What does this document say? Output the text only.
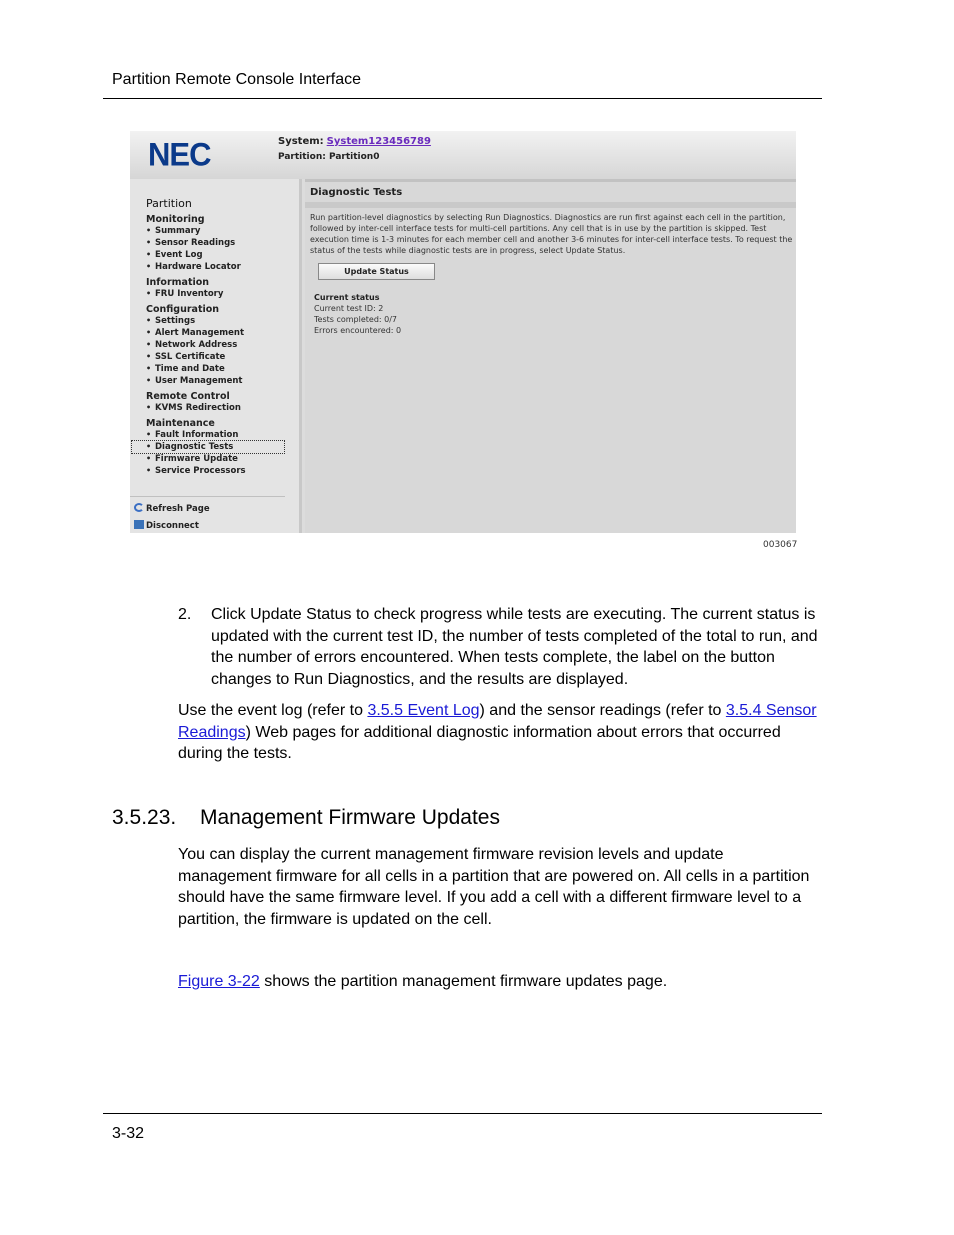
Partition Remote Console Interface
NEC	System: System123456789
Partition: Partition0
Partition
Monitoring
• Summary
• Sensor Readings
• Event Log
• Hardware Locator
Information
• FRU Inventory
Configuration
• Settings
• Alert Management
• Network Address
• SSL Certificate
• Time and Date
• User Management
Remote Control
• KVMS Redirection
Maintenance
• Fault Information
• Diagnostic Tests
• Firmware Update
• Service Processors
Refresh Page
Disconnect
Diagnostic Tests
Run partition-level diagnostics by selecting Run Diagnostics. Diagnostics are run first against each cell in the partition, followed by inter-cell interface tests for multi-cell partitions. Any cell that is in use by the partition is skipped. Test execution time is 1-3 minutes for each member cell and another 3-6 minutes for inter-cell interface tests. To request the status of the tests while diagnostic tests are in progress, select Update Status.
Update Status
Current status
Current test ID: 2
Tests completed: 0/7
Errors encountered: 0
003067
2. Click Update Status to check progress while tests are executing. The current status is updated with the current test ID, the number of tests completed of the total to run, and the number of errors encountered. When tests complete, the label on the button changes to Run Diagnostics, and the results are displayed.
Use the event log (refer to 3.5.5 Event Log) and the sensor readings (refer to 3.5.4 Sensor Readings) Web pages for additional diagnostic information about errors that occurred during the tests.
3.5.23. Management Firmware Updates
You can display the current management firmware revision levels and update management firmware for all cells in a partition that are powered on. All cells in a partition should have the same firmware level. If you add a cell with a different firmware level to a partition, the firmware is updated on the cell.
Figure 3-22 shows the partition management firmware updates page.
3-32
